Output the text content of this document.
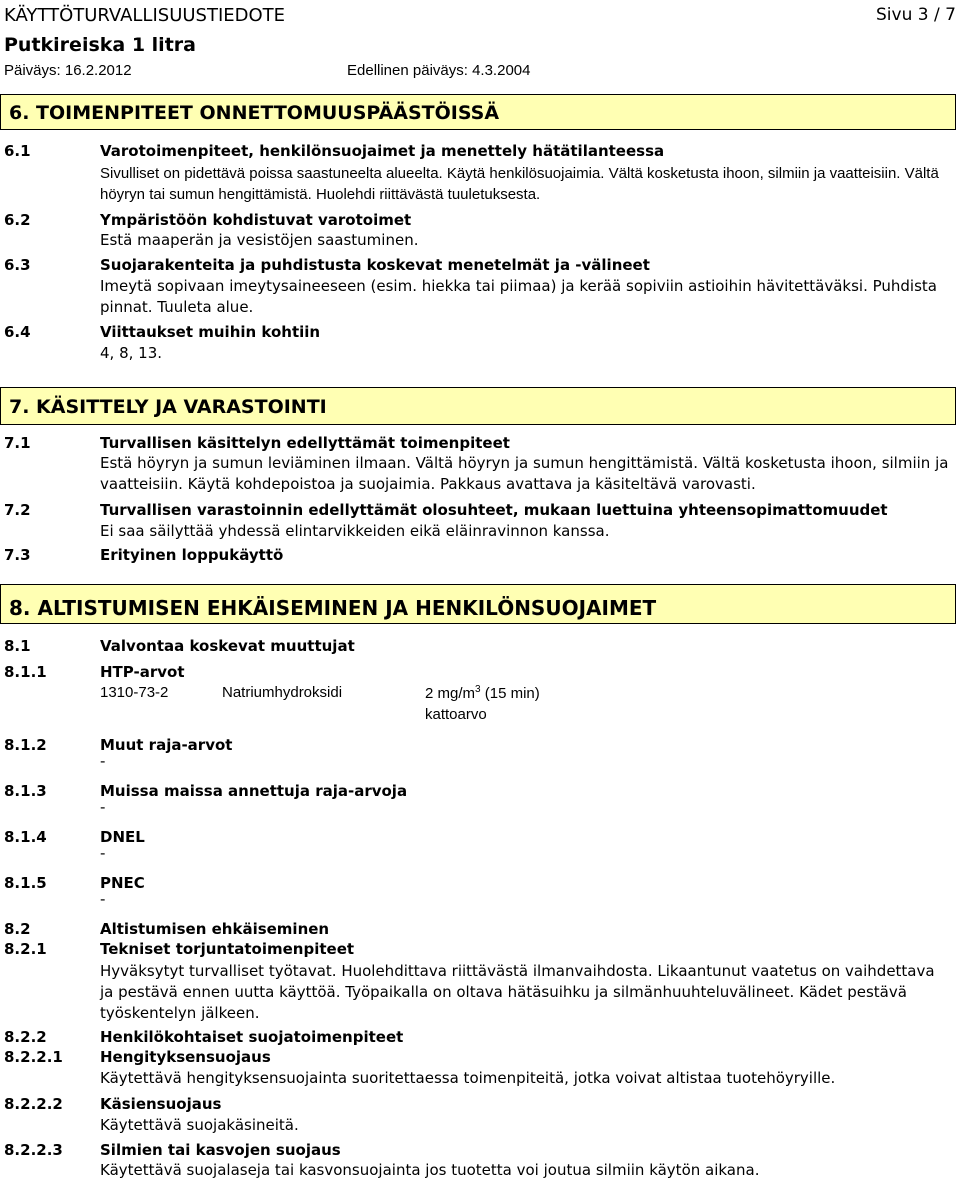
KÄYTTÖTURVALLISUUSTIEDOTE	Sivu 3 / 7
Putkireiska 1 litra
Päiväys: 16.2.2012	Edellinen päiväys: 4.3.2004
6. TOIMENPITEET ONNETTOMUUSPÄÄSTÖISSÄ
6.1	Varotoimenpiteet, henkilönsuojaimet ja menettely hätätilanteessa
Sivulliset on pidettävä poissa saastuneelta alueelta. Käytä henkilösuojaimia. Vältä kosketusta ihoon, silmiin ja vaatteisiin. Vältä höyryn tai sumun hengittämistä. Huolehdi riittävästä tuuletuksesta.
6.2	Ympäristöön kohdistuvat varotoimet
Estä maaperän ja vesistöjen saastuminen.
6.3	Suojarakenteita ja puhdistusta koskevat menetelmät ja -välineet
Imeytä sopivaan imeytysaineeseen (esim. hiekka tai piimaa) ja kerää sopiviin astioihin hävitettäväksi. Puhdista pinnat. Tuuleta alue.
6.4	Viittaukset muihin kohtiin
4, 8, 13.
7. KÄSITTELY JA VARASTOINTI
7.1	Turvallisen käsittelyn edellyttämät toimenpiteet
Estä höyryn ja sumun leviäminen ilmaan. Vältä höyryn ja sumun hengittämistä. Vältä kosketusta ihoon, silmiin ja vaatteisiin. Käytä kohdepoistoa ja suojaimia. Pakkaus avattava ja käsiteltävä varovasti.
7.2	Turvallisen varastoinnin edellyttämät olosuhteet, mukaan luettuina yhteensopimattomuudet
Ei saa säilyttää yhdessä elintarvikkeiden eikä eläinravinnon kanssa.
7.3	Erityinen loppukäyttö
8. ALTISTUMISEN EHKÄISEMINEN JA HENKILÖNSUOJAIMET
8.1	Valvontaa koskevat muuttujat
8.1.1	HTP-arvot
1310-73-2	Natriumhydroksidi	2 $mg/m^3$ (15 min)
kattoarvo
8.1.2	Muut raja-arvot
-
8.1.3	Muissa maissa annettuja raja-arvoja
-
8.1.4	DNEL
-
8.1.5	PNEC
-
8.2	Altistumisen ehkäiseminen
8.2.1	Tekniset torjuntatoimenpiteet
Hyväksytyt turvalliset työtavat. Huolehdittava riittävästä ilmanvaihdosta. Likaantunut vaatetus on vaihdettava ja pestävä ennen uutta käyttöä. Työpaikalla on oltava hätäsuihku ja silmänhuuhteluvälineet. Kädet pestävä työskentelyn jälkeen.
8.2.2	Henkilökohtaiset suojatoimenpiteet
8.2.2.1 Hengityksensuojaus
Käytettävä hengityksensuojainta suoritettaessa toimenpiteitä, jotka voivat altistaa tuotehöyryille.
8.2.2.2 Käsiensuojaus
Käytettävä suojakäsineitä.
8.2.2.3 Silmien tai kasvojen suojaus
Käytettävä suojalaseja tai kasvonsuojainta jos tuotetta voi joutua silmiin käytön aikana.
